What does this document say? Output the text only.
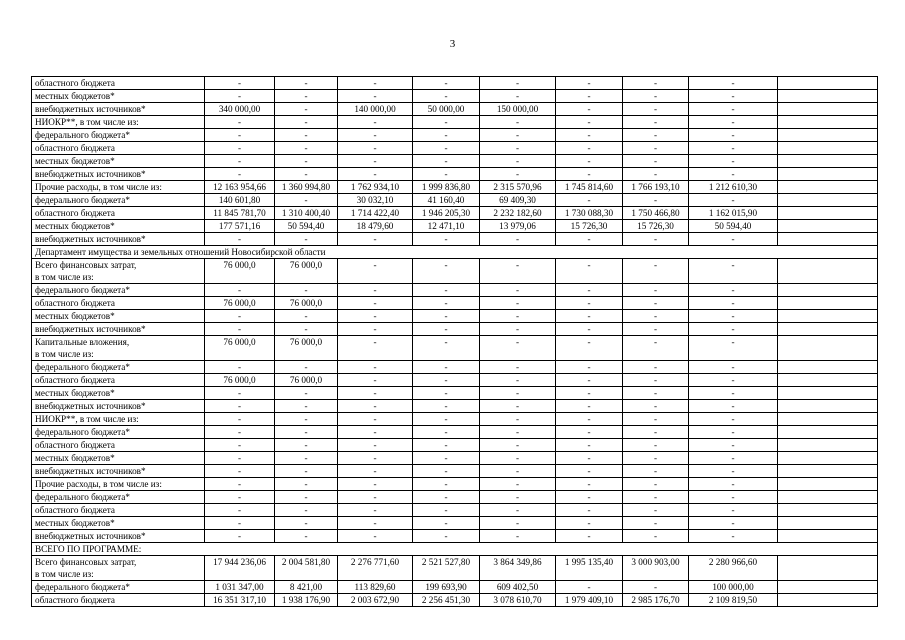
3
областного бюджета	-	-	-	-	-	-	-	-	
местных бюджетов*	-	-	-	-	-	-	-	-	
внебюджетных источников*	340 000,00	-	140 000,00	50 000,00	150 000,00	-	-	-	
НИОКР**, в том числе из:	-	-	-	-	-	-	-	-	
федерального бюджета*	-	-	-	-	-	-	-	-	
областного бюджета	-	-	-	-	-	-	-	-	
местных бюджетов*	-	-	-	-	-	-	-	-	
внебюджетных источников*	-	-	-	-	-	-	-	-	
Прочие расходы, в том числе из:	12 163 954,66	1 360 994,80	1 762 934,10	1 999 836,80	2 315 570,96	1 745 814,60	1 766 193,10	1 212 610,30	
федерального бюджета*	140 601,80	-	30 032,10	41 160,40	69 409,30	-	-	-	
областного бюджета	11 845 781,70	1 310 400,40	1 714 422,40	1 946 205,30	2 232 182,60	1 730 088,30	1 750 466,80	1 162 015,90	
местных бюджетов*	177 571,16	50 594,40	18 479,60	12 471,10	13 979,06	15 726,30	15 726,30	50 594,40	
внебюджетных источников*	-	-	-	-	-	-	-	-	
Департамент имущества и земельных отношений Новосибирской области									
Всего финансовых затрат,
в том числе из:	76 000,0	76 000,0	-	-	-	-	-	-	
федерального бюджета*	-	-	-	-	-	-	-	-	
областного бюджета	76 000,0	76 000,0	-	-	-	-	-	-	
местных бюджетов*	-	-	-	-	-	-	-	-	
внебюджетных источников*	-	-	-	-	-	-	-	-	
Капитальные вложения,
в том числе из:	76 000,0	76 000,0	-	-	-	-	-	-	
федерального бюджета*	-	-	-	-	-	-	-	-	
областного бюджета	76 000,0	76 000,0	-	-	-	-	-	-	
местных бюджетов*	-	-	-	-	-	-	-	-	
внебюджетных источников*	-	-	-	-	-	-	-	-	
НИОКР**, в том числе из:	-	-	-	-	-	-	-	-	
федерального бюджета*	-	-	-	-	-	-	-	-	
областного бюджета	-	-	-	-	-	-	-	-	
местных бюджетов*	-	-	-	-	-	-	-	-	
внебюджетных источников*	-	-	-	-	-	-	-	-	
Прочие расходы, в том числе из:	-	-	-	-	-	-	-	-	
федерального бюджета*	-	-	-	-	-	-	-	-	
областного бюджета	-	-	-	-	-	-	-	-	
местных бюджетов*	-	-	-	-	-	-	-	-	
внебюджетных источников*	-	-	-	-	-	-	-	-	
ВСЕГО ПО ПРОГРАММЕ:									
Всего финансовых затрат,
в том числе из:	17 944 236,06	2 004 581,80	2 276 771,60	2 521 527,80	3 864 349,86	1 995 135,40	3 000 903,00	2 280 966,60	
федерального бюджета*	1 031 347,00	8 421,00	113 829,60	199 693,90	609 402,50	-	-	100 000,00	
областного бюджета	16 351 317,10	1 938 176,90	2 003 672,90	2 256 451,30	3 078 610,70	1 979 409,10	2 985 176,70	2 109 819,50	
